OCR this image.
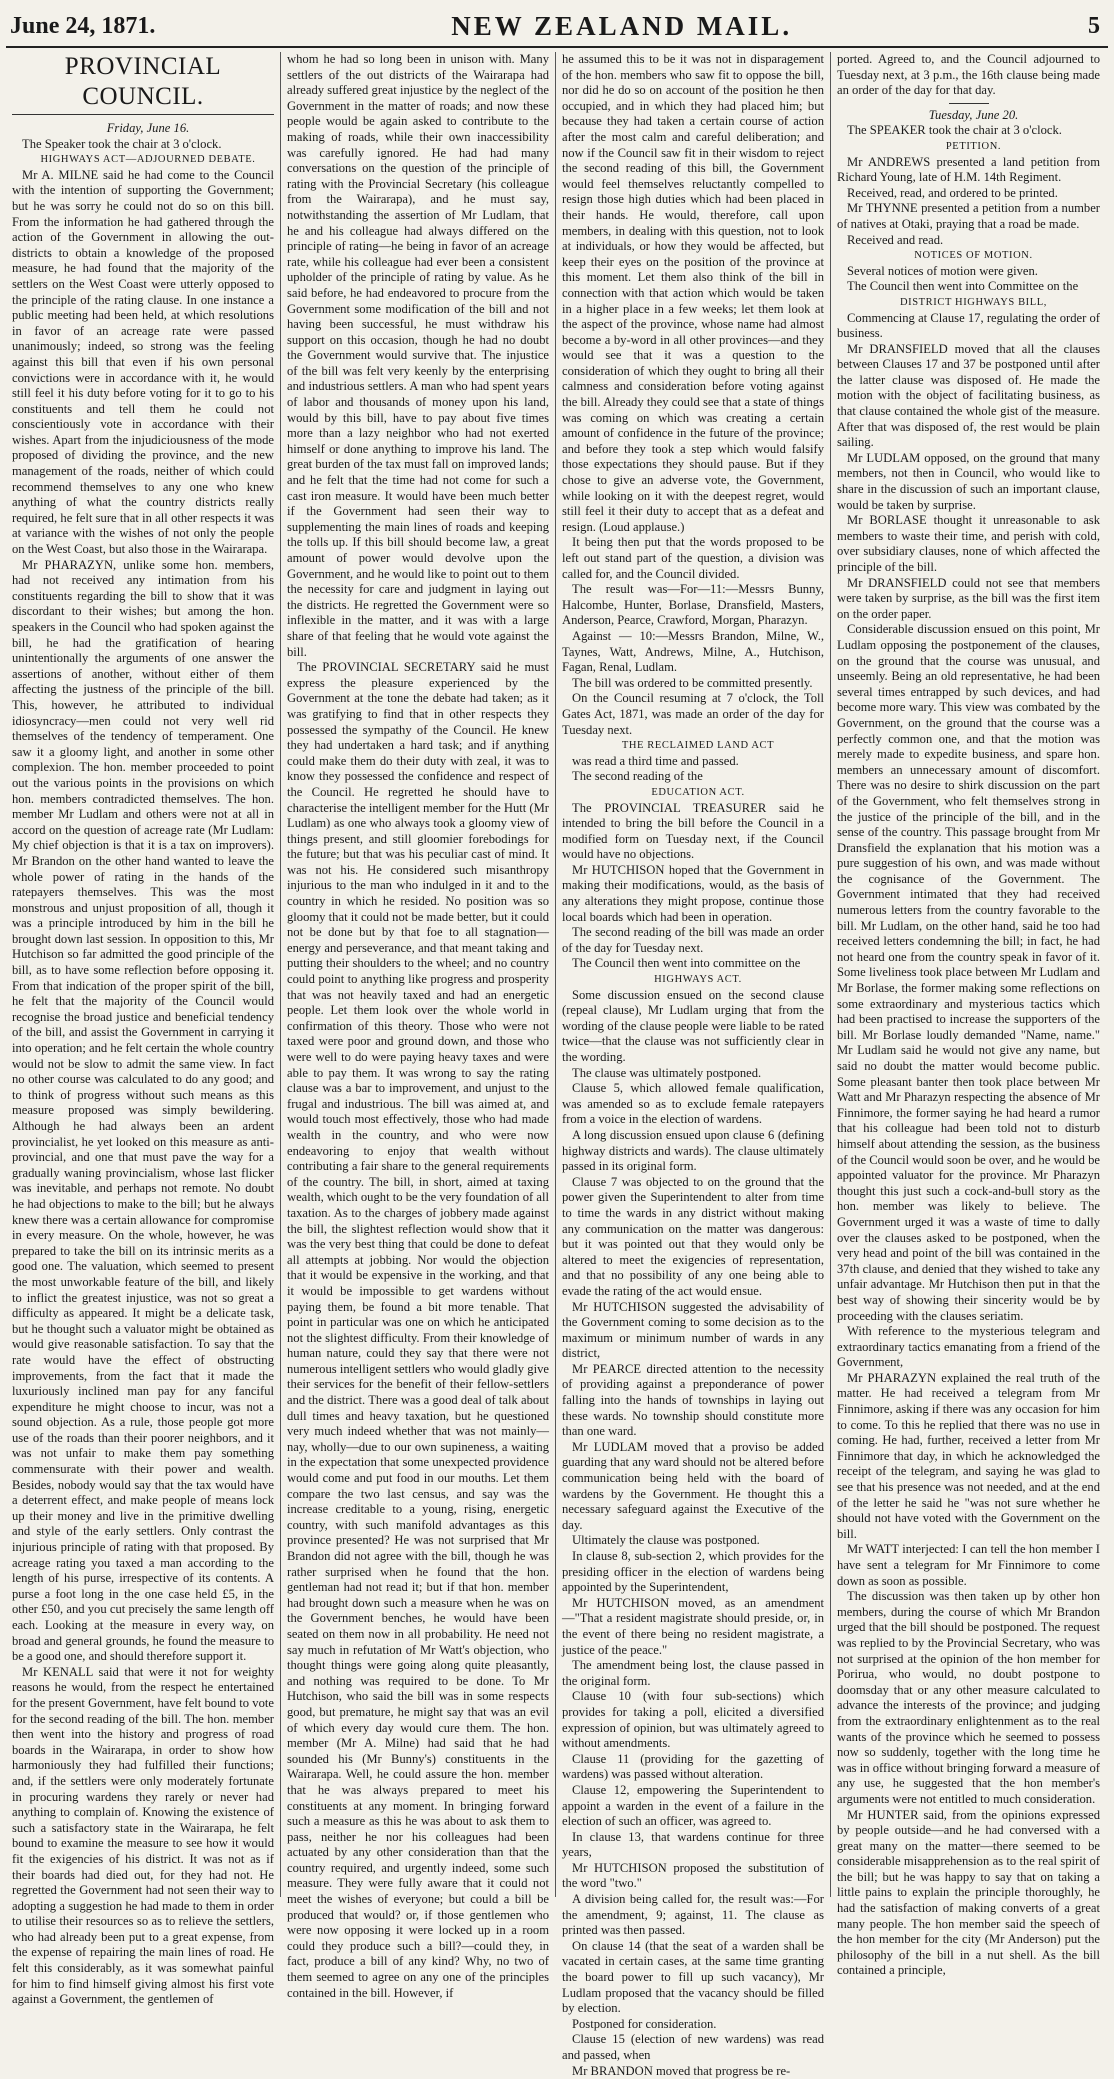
June 24, 1871.	NEW ZEALAND MAIL.	5
PROVINCIAL COUNCIL.

Friday, June 16.

The Speaker took the chair at 3 o'clock.

HIGHWAYS ACT—ADJOURNED DEBATE.

Mr A. MILNE said he had come to the Council with the intention of supporting the Government; but he was sorry he could not do so on this bill. From the information he had gathered through the action of the Government in allowing the out-districts to obtain a knowledge of the proposed measure, he had found that the majority of the settlers on the West Coast were utterly opposed to the principle of the rating clause. In one instance a public meeting had been held, at which resolutions in favor of an acreage rate were passed unanimously; indeed, so strong was the feeling against this bill that even if his own personal convictions were in accordance with it, he would still feel it his duty before voting for it to go to his constituents and tell them he could not conscientiously vote in accordance with their wishes. Apart from the injudiciousness of the mode proposed of dividing the province, and the new management of the roads, neither of which could recommend themselves to any one who knew anything of what the country districts really required, he felt sure that in all other respects it was at variance with the wishes of not only the people on the West Coast, but also those in the Wairarapa.

Mr PHARAZYN, unlike some hon. members, had not received any intimation from his constituents regarding the bill to show that it was discordant to their wishes; but among the hon. speakers in the Council who had spoken against the bill, he had the gratification of hearing unintentionally the arguments of one answer the assertions of another, without either of them affecting the justness of the principle of the bill. This, however, he attributed to individual idiosyncracy—men could not very well rid themselves of the tendency of temperament. One saw it a gloomy light, and another in some other complexion. The hon. member proceeded to point out the various points in the provisions on which hon. members contradicted themselves. The hon. member Mr Ludlam and others were not at all in accord on the question of acreage rate (Mr Ludlam: My chief objection is that it is a tax on improvers). Mr Brandon on the other hand wanted to leave the whole power of rating in the hands of the ratepayers themselves. This was the most monstrous and unjust proposition of all, though it was a principle introduced by him in the bill he brought down last session. In opposition to this, Mr Hutchison so far admitted the good principle of the bill, as to have some reflection before opposing it. From that indication of the proper spirit of the bill, he felt that the majority of the Council would recognise the broad justice and beneficial tendency of the bill, and assist the Government in carrying it into operation; and he felt certain the whole country would not be slow to admit the same view. In fact no other course was calculated to do any good; and to think of progress without such means as this measure proposed was simply bewildering. Although he had always been an ardent provincialist, he yet looked on this measure as anti-provincial, and one that must pave the way for a gradually waning provincialism, whose last flicker was inevitable, and perhaps not remote. No doubt he had objections to make to the bill; but he always knew there was a certain allowance for compromise in every measure. On the whole, however, he was prepared to take the bill on its intrinsic merits as a good one. The valuation, which seemed to present the most unworkable feature of the bill, and likely to inflict the greatest injustice, was not so great a difficulty as appeared. It might be a delicate task, but he thought such a valuator might be obtained as would give reasonable satisfaction. To say that the rate would have the effect of obstructing improvements, from the fact that it made the luxuriously inclined man pay for any fanciful expenditure he might choose to incur, was not a sound objection. As a rule, those people got more use of the roads than their poorer neighbors, and it was not unfair to make them pay something commensurate with their power and wealth. Besides, nobody would say that the tax would have a deterrent effect, and make people of means lock up their money and live in the primitive dwelling and style of the early settlers. Only contrast the injurious principle of rating with that proposed. By acreage rating you taxed a man according to the length of his purse, irrespective of its contents. A purse a foot long in the one case held £5, in the other £50, and you cut precisely the same length off each. Looking at the measure in every way, on broad and general grounds, he found the measure to be a good one, and should therefore support it.

Mr KENALL said that were it not for weighty reasons he would, from the respect he entertained for the present Government, have felt bound to vote for the second reading of the bill. The hon. member then went into the history and progress of road boards in the Wairarapa, in order to show how harmoniously they had fulfilled their functions; and, if the settlers were only moderately fortunate in procuring wardens they rarely or never had anything to complain of. Knowing the existence of such a satisfactory state in the Wairarapa, he felt bound to examine the measure to see how it would fit the exigencies of his district. It was not as if their boards had died out, for they had not. He regretted the Government had not seen their way to adopting a suggestion he had made to them in order to utilise their resources so as to relieve the settlers, who had already been put to a great expense, from the expense of repairing the main lines of road. He felt this considerably, as it was somewhat painful for him to find himself giving almost his first vote against a Government, the gentlemen of

whom he had so long been in unison with. Many settlers of the out districts of the Wairarapa had already suffered great injustice by the neglect of the Government in the matter of roads; and now these people would be again asked to contribute to the making of roads, while their own inaccessibility was carefully ignored. He had had many conversations on the question of the principle of rating with the Provincial Secretary (his colleague from the Wairarapa), and he must say, notwithstanding the assertion of Mr Ludlam, that he and his colleague had always differed on the principle of rating—he being in favor of an acreage rate, while his colleague had ever been a consistent upholder of the principle of rating by value. As he said before, he had endeavored to procure from the Government some modification of the bill and not having been successful, he must withdraw his support on this occasion, though he had no doubt the Government would survive that. The injustice of the bill was felt very keenly by the enterprising and industrious settlers. A man who had spent years of labor and thousands of money upon his land, would by this bill, have to pay about five times more than a lazy neighbor who had not exerted himself or done anything to improve his land. The great burden of the tax must fall on improved lands; and he felt that the time had not come for such a cast iron measure. It would have been much better if the Government had seen their way to supplementing the main lines of roads and keeping the tolls up. If this bill should become law, a great amount of power would devolve upon the Government, and he would like to point out to them the necessity for care and judgment in laying out the districts. He regretted the Government were so inflexible in the matter, and it was with a large share of that feeling that he would vote against the bill.

The PROVINCIAL SECRETARY said he must express the pleasure experienced by the Government at the tone the debate had taken; as it was gratifying to find that in other respects they possessed the sympathy of the Council. He knew they had undertaken a hard task; and if anything could make them do their duty with zeal, it was to know they possessed the confidence and respect of the Council. He regretted he should have to characterise the intelligent member for the Hutt (Mr Ludlam) as one who always took a gloomy view of things present, and still gloomier forebodings for the future; but that was his peculiar cast of mind. It was not his. He considered such misanthropy injurious to the man who indulged in it and to the country in which he resided. No position was so gloomy that it could not be made better, but it could not be done but by that foe to all stagnation—energy and perseverance, and that meant taking and putting their shoulders to the wheel; and no country could point to anything like progress and prosperity that was not heavily taxed and had an energetic people. Let them look over the whole world in confirmation of this theory. Those who were not taxed were poor and ground down, and those who were well to do were paying heavy taxes and were able to pay them. It was wrong to say the rating clause was a bar to improvement, and unjust to the frugal and industrious. The bill was aimed at, and would touch most effectively, those who had made wealth in the country, and who were now endeavoring to enjoy that wealth without contributing a fair share to the general requirements of the country. The bill, in short, aimed at taxing wealth, which ought to be the very foundation of all taxation. As to the charges of jobbery made against the bill, the slightest reflection would show that it was the very best thing that could be done to defeat all attempts at jobbing. Nor would the objection that it would be expensive in the working, and that it would be impossible to get wardens without paying them, be found a bit more tenable. That point in particular was one on which he anticipated not the slightest difficulty. From their knowledge of human nature, could they say that there were not numerous intelligent settlers who would gladly give their services for the benefit of their fellow-settlers and the district. There was a good deal of talk about dull times and heavy taxation, but he questioned very much indeed whether that was not mainly—nay, wholly—due to our own supineness, a waiting in the expectation that some unexpected providence would come and put food in our mouths. Let them compare the two last census, and say was the increase creditable to a young, rising, energetic country, with such manifold advantages as this province presented? He was not surprised that Mr Brandon did not agree with the bill, though he was rather surprised when he found that the hon. gentleman had not read it; but if that hon. member had brought down such a measure when he was on the Government benches, he would have been seated on them now in all probability. He need not say much in refutation of Mr Watt's objection, who thought things were going along quite pleasantly, and nothing was required to be done. To Mr Hutchison, who said the bill was in some respects good, but premature, he might say that was an evil of which every day would cure them. The hon. member (Mr A. Milne) had said that he had sounded his (Mr Bunny's) constituents in the Wairarapa. Well, he could assure the hon. member that he was always prepared to meet his constituents at any moment. In bringing forward such a measure as this he was about to ask them to pass, neither he nor his colleagues had been actuated by any other consideration than that the country required, and urgently indeed, some such measure. They were fully aware that it could not meet the wishes of everyone; but could a bill be produced that would? or, if those gentlemen who were now opposing it were locked up in a room could they produce such a bill?—could they, in fact, produce a bill of any kind? Why, no two of them seemed to agree on any one of the principles contained in the bill. However, if

he assumed this to be it was not in disparagement of the hon. members who saw fit to oppose the bill, nor did he do so on account of the position he then occupied, and in which they had placed him; but because they had taken a certain course of action after the most calm and careful deliberation; and now if the Council saw fit in their wisdom to reject the second reading of this bill, the Government would feel themselves reluctantly compelled to resign those high duties which had been placed in their hands. He would, therefore, call upon members, in dealing with this question, not to look at individuals, or how they would be affected, but keep their eyes on the position of the province at this moment. Let them also think of the bill in connection with that action which would be taken in a higher place in a few weeks; let them look at the aspect of the province, whose name had almost become a by-word in all other provinces—and they would see that it was a question to the consideration of which they ought to bring all their calmness and consideration before voting against the bill. Already they could see that a state of things was coming on which was creating a certain amount of confidence in the future of the province; and before they took a step which would falsify those expectations they should pause. But if they chose to give an adverse vote, the Government, while looking on it with the deepest regret, would still feel it their duty to accept that as a defeat and resign. (Loud applause.)

It being then put that the words proposed to be left out stand part of the question, a division was called for, and the Council divided.

The result was—For—11:—Messrs Bunny, Halcombe, Hunter, Borlase, Dransfield, Masters, Anderson, Pearce, Crawford, Morgan, Pharazyn.

Against — 10:—Messrs Brandon, Milne, W., Taynes, Watt, Andrews, Milne, A., Hutchison, Fagan, Renal, Ludlam.

The bill was ordered to be committed presently.

On the Council resuming at 7 o'clock, the Toll Gates Act, 1871, was made an order of the day for Tuesday next.

THE RECLAIMED LAND ACT

was read a third time and passed.

The second reading of the

EDUCATION ACT.

The PROVINCIAL TREASURER said he intended to bring the bill before the Council in a modified form on Tuesday next, if the Council would have no objections.

Mr HUTCHISON hoped that the Government in making their modifications, would, as the basis of any alterations they might propose, continue those local boards which had been in operation.

The second reading of the bill was made an order of the day for Tuesday next.

The Council then went into committee on the

HIGHWAYS ACT.

Some discussion ensued on the second clause (repeal clause), Mr Ludlam urging that from the wording of the clause people were liable to be rated twice—that the clause was not sufficiently clear in the wording.

The clause was ultimately postponed.

Clause 5, which allowed female qualification, was amended so as to exclude female ratepayers from a voice in the election of wardens.

A long discussion ensued upon clause 6 (defining highway districts and wards). The clause ultimately passed in its original form.

Clause 7 was objected to on the ground that the power given the Superintendent to alter from time to time the wards in any district without making any communication on the matter was dangerous: but it was pointed out that they would only be altered to meet the exigencies of representation, and that no possibility of any one being able to evade the rating of the act would ensue.

Mr HUTCHISON suggested the advisability of the Government coming to some decision as to the maximum or minimum number of wards in any district,

Mr PEARCE directed attention to the necessity of providing against a preponderance of power falling into the hands of townships in laying out these wards. No township should constitute more than one ward.

Mr LUDLAM moved that a proviso be added guarding that any ward should not be altered before communication being held with the board of wardens by the Government. He thought this a necessary safeguard against the Executive of the day.

Ultimately the clause was postponed.

In clause 8, sub-section 2, which provides for the presiding officer in the election of wardens being appointed by the Superintendent,

Mr HUTCHISON moved, as an amendment—"That a resident magistrate should preside, or, in the event of there being no resident magistrate, a justice of the peace."

The amendment being lost, the clause passed in the original form.

Clause 10 (with four sub-sections) which provides for taking a poll, elicited a diversified expression of opinion, but was ultimately agreed to without amendments.

Clause 11 (providing for the gazetting of wardens) was passed without alteration.

Clause 12, empowering the Superintendent to appoint a warden in the event of a failure in the election of such an officer, was agreed to.

In clause 13, that wardens continue for three years,

Mr HUTCHISON proposed the substitution of the word "two."

A division being called for, the result was:—For the amendment, 9; against, 11. The clause as printed was then passed.

On clause 14 (that the seat of a warden shall be vacated in certain cases, at the same time granting the board power to fill up such vacancy), Mr Ludlam proposed that the vacancy should be filled by election.

Postponed for consideration.

Clause 15 (election of new wardens) was read and passed, when

Mr BRANDON moved that progress be re-

ported. Agreed to, and the Council adjourned to Tuesday next, at 3 p.m., the 16th clause being made an order of the day for that day.

Tuesday, June 20.

The SPEAKER took the chair at 3 o'clock.

PETITION.

Mr ANDREWS presented a land petition from Richard Young, late of H.M. 14th Regiment.

Received, read, and ordered to be printed.

Mr THYNNE presented a petition from a number of natives at Otaki, praying that a road be made.

Received and read.

NOTICES OF MOTION.

Several notices of motion were given.

The Council then went into Committee on the

DISTRICT HIGHWAYS BILL,

Commencing at Clause 17, regulating the order of business.

Mr DRANSFIELD moved that all the clauses between Clauses 17 and 37 be postponed until after the latter clause was disposed of. He made the motion with the object of facilitating business, as that clause contained the whole gist of the measure. After that was disposed of, the rest would be plain sailing.

Mr LUDLAM opposed, on the ground that many members, not then in Council, who would like to share in the discussion of such an important clause, would be taken by surprise.

Mr BORLASE thought it unreasonable to ask members to waste their time, and perish with cold, over subsidiary clauses, none of which affected the principle of the bill.

Mr DRANSFIELD could not see that members were taken by surprise, as the bill was the first item on the order paper.

Considerable discussion ensued on this point, Mr Ludlam opposing the postponement of the clauses, on the ground that the course was unusual, and unseemly. Being an old representative, he had been several times entrapped by such devices, and had become more wary. This view was combated by the Government, on the ground that the course was a perfectly common one, and that the motion was merely made to expedite business, and spare hon. members an unnecessary amount of discomfort. There was no desire to shirk discussion on the part of the Government, who felt themselves strong in the justice of the principle of the bill, and in the sense of the country. This passage brought from Mr Dransfield the explanation that his motion was a pure suggestion of his own, and was made without the cognisance of the Government. The Government intimated that they had received numerous letters from the country favorable to the bill. Mr Ludlam, on the other hand, said he too had received letters condemning the bill; in fact, he had not heard one from the country speak in favor of it. Some liveliness took place between Mr Ludlam and Mr Borlase, the former making some reflections on some extraordinary and mysterious tactics which had been practised to increase the supporters of the bill. Mr Borlase loudly demanded "Name, name." Mr Ludlam said he would not give any name, but said no doubt the matter would become public. Some pleasant banter then took place between Mr Watt and Mr Pharazyn respecting the absence of Mr Finnimore, the former saying he had heard a rumor that his colleague had been told not to disturb himself about attending the session, as the business of the Council would soon be over, and he would be appointed valuator for the province. Mr Pharazyn thought this just such a cock-and-bull story as the hon. member was likely to believe. The Government urged it was a waste of time to dally over the clauses asked to be postponed, when the very head and point of the bill was contained in the 37th clause, and denied that they wished to take any unfair advantage. Mr Hutchison then put in that the best way of showing their sincerity would be by proceeding with the clauses seriatim.

With reference to the mysterious telegram and extraordinary tactics emanating from a friend of the Government,

Mr PHARAZYN explained the real truth of the matter. He had received a telegram from Mr Finnimore, asking if there was any occasion for him to come. To this he replied that there was no use in coming. He had, further, received a letter from Mr Finnimore that day, in which he acknowledged the receipt of the telegram, and saying he was glad to see that his presence was not needed, and at the end of the letter he said he "was not sure whether he should not have voted with the Government on the bill.

Mr WATT interjected: I can tell the hon member I have sent a telegram for Mr Finnimore to come down as soon as possible.

The discussion was then taken up by other hon members, during the course of which Mr Brandon urged that the bill should be postponed. The request was replied to by the Provincial Secretary, who was not surprised at the opinion of the hon member for Porirua, who would, no doubt postpone to doomsday that or any other measure calculated to advance the interests of the province; and judging from the extraordinary enlightenment as to the real wants of the province which he seemed to possess now so suddenly, together with the long time he was in office without bringing forward a measure of any use, he suggested that the hon member's arguments were not entitled to much consideration.

Mr HUNTER said, from the opinions expressed by people outside—and he had conversed with a great many on the matter—there seemed to be considerable misapprehension as to the real spirit of the bill; but he was happy to say that on taking a little pains to explain the principle thoroughly, he had the satisfaction of making converts of a great many people. The hon member said the speech of the hon member for the city (Mr Anderson) put the philosophy of the bill in a nut shell. As the bill contained a principle,
